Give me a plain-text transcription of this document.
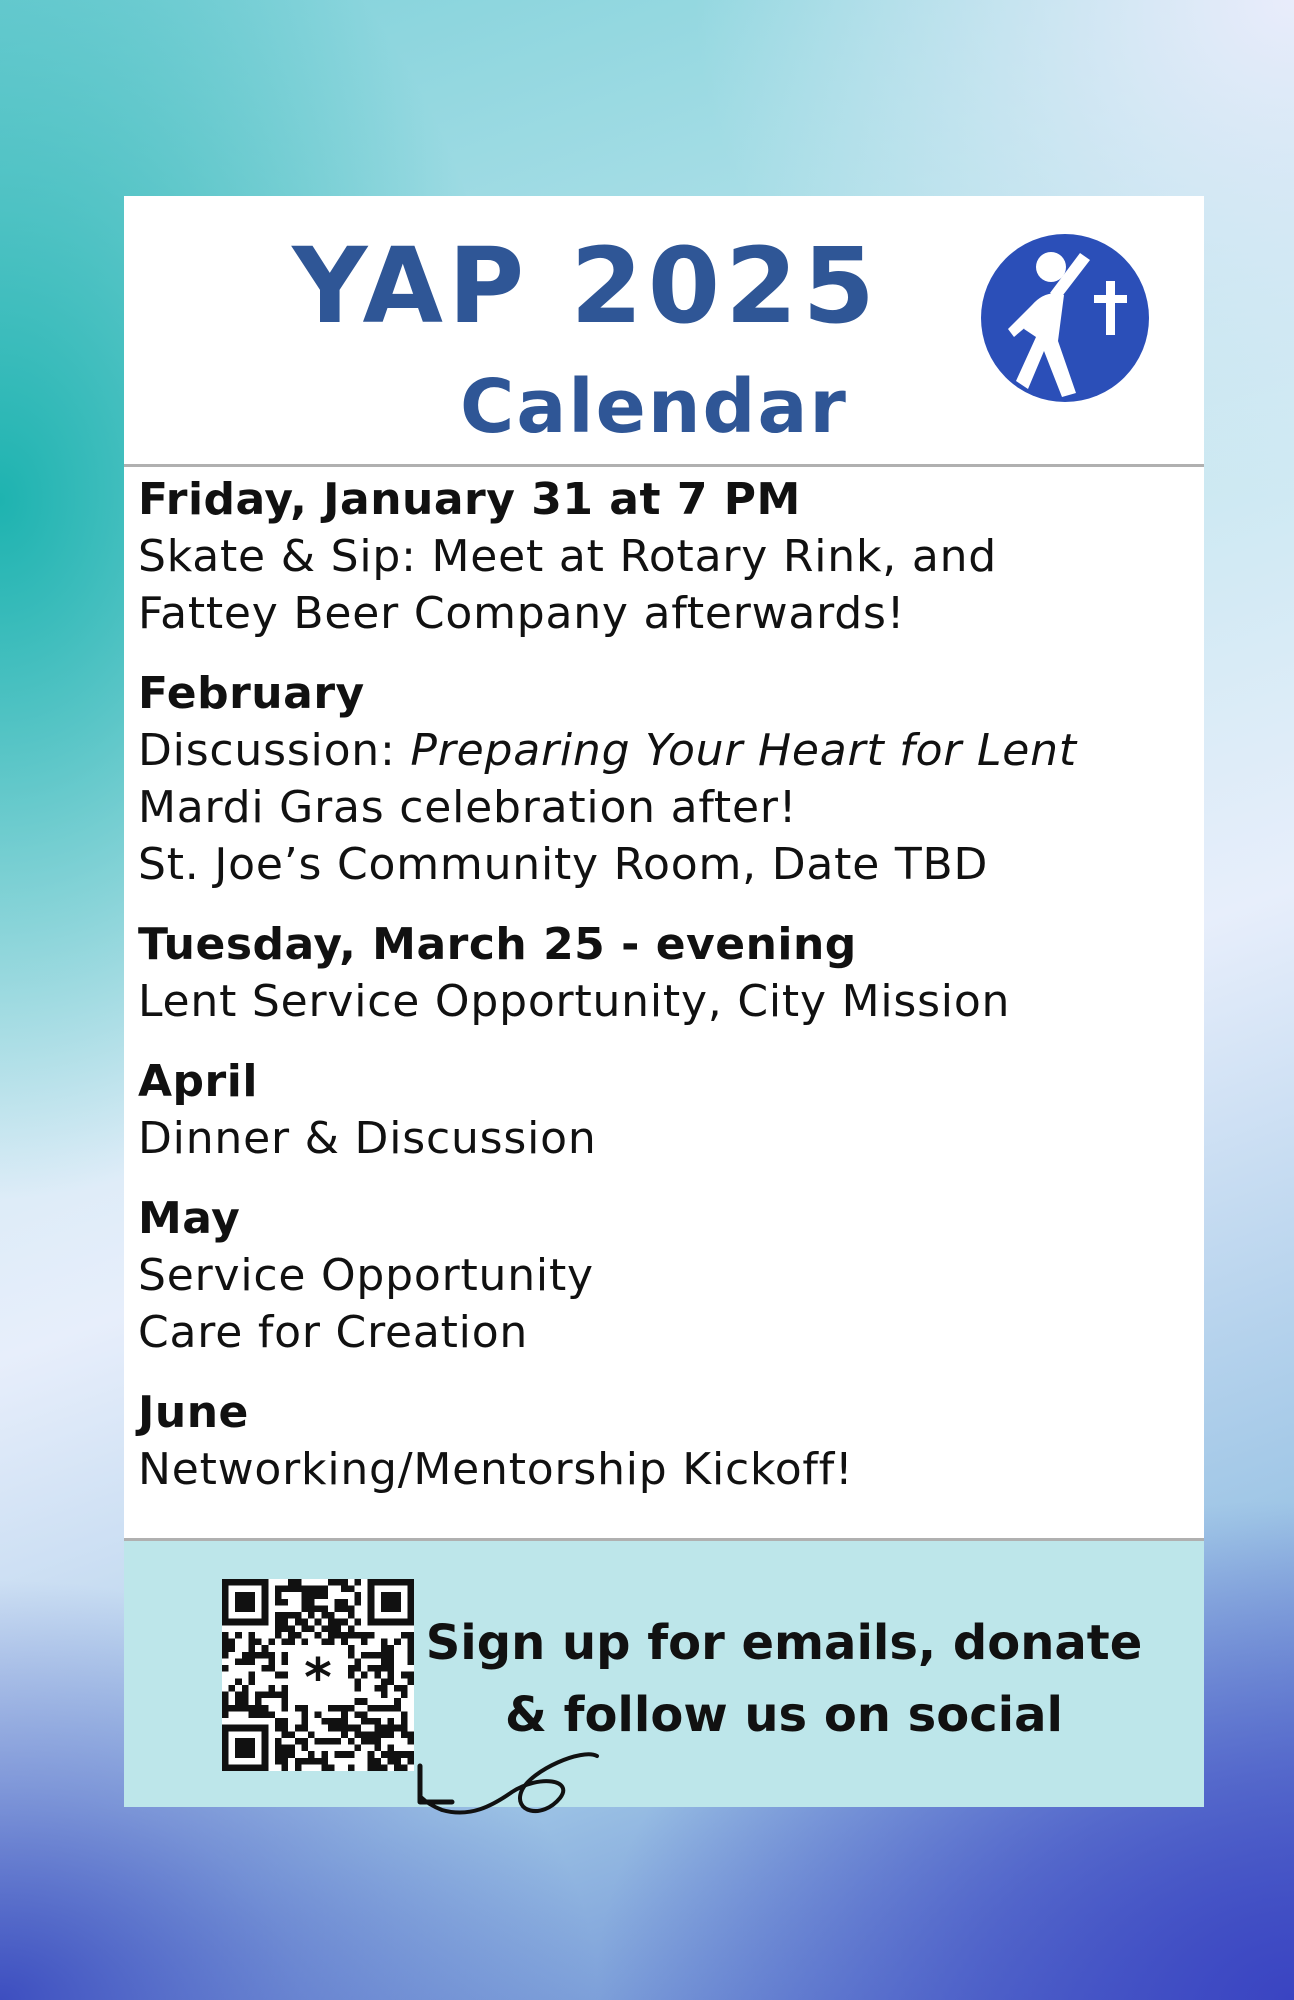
YAP 2025
Calendar
Friday, January 31 at 7 PM
Skate & Sip: Meet at Rotary Rink, and
Fattey Beer Company afterwards!
February
Discussion: Preparing Your Heart for Lent
Mardi Gras celebration after!
St. Joe’s Community Room, Date TBD
Tuesday, March 25 - evening
Lent Service Opportunity, City Mission
April
Dinner & Discussion
May
Service Opportunity
Care for Creation
June
Networking/Mentorship Kickoff!
*
Sign up for emails, donate
& follow us on social
